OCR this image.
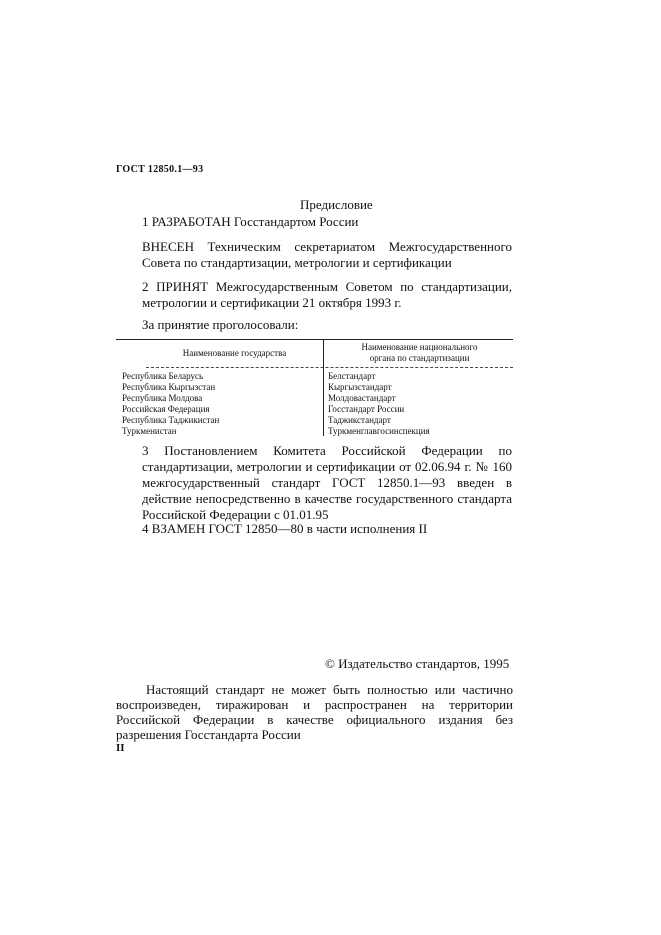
ГОСТ 12850.1—93
Предисловие
1 РАЗРАБОТАН Госстандартом России
ВНЕСЕН Техническим секретариатом Межгосударственного Совета по стандартизации, метрологии и сертификации
2 ПРИНЯТ Межгосударственным Советом по стандартизации, метрологии и сертификации 21 октября 1993 г.
За принятие проголосовали:
Наименование государства
Наименование национального
органа по стандартизации
Республика Беларусь
Республика Кыргызстан
Республика Молдова
Российская Федерация
Республика Таджикистан
Туркменистан
Белстандарт
Кыргызстандарт
Молдовастандарт
Госстандарт России
Таджикстандарт
Туркменглавгосинспекция
3 Постановлением Комитета Российской Федерации по стандартизации, метрологии и сертификации от 02.06.94 г. № 160 межгосударственный стандарт ГОСТ 12850.1—93 введен в действие непосредственно в качестве государственного стандарта Российской Федерации с 01.01.95
4 ВЗАМЕН ГОСТ 12850—80 в части исполнения II
© Издательство стандартов, 1995
Настоящий стандарт не может быть полностью или частично воспроизведен, тиражирован и распространен на территории Российской Федерации в качестве официального издания без разрешения Госстандарта России
II
